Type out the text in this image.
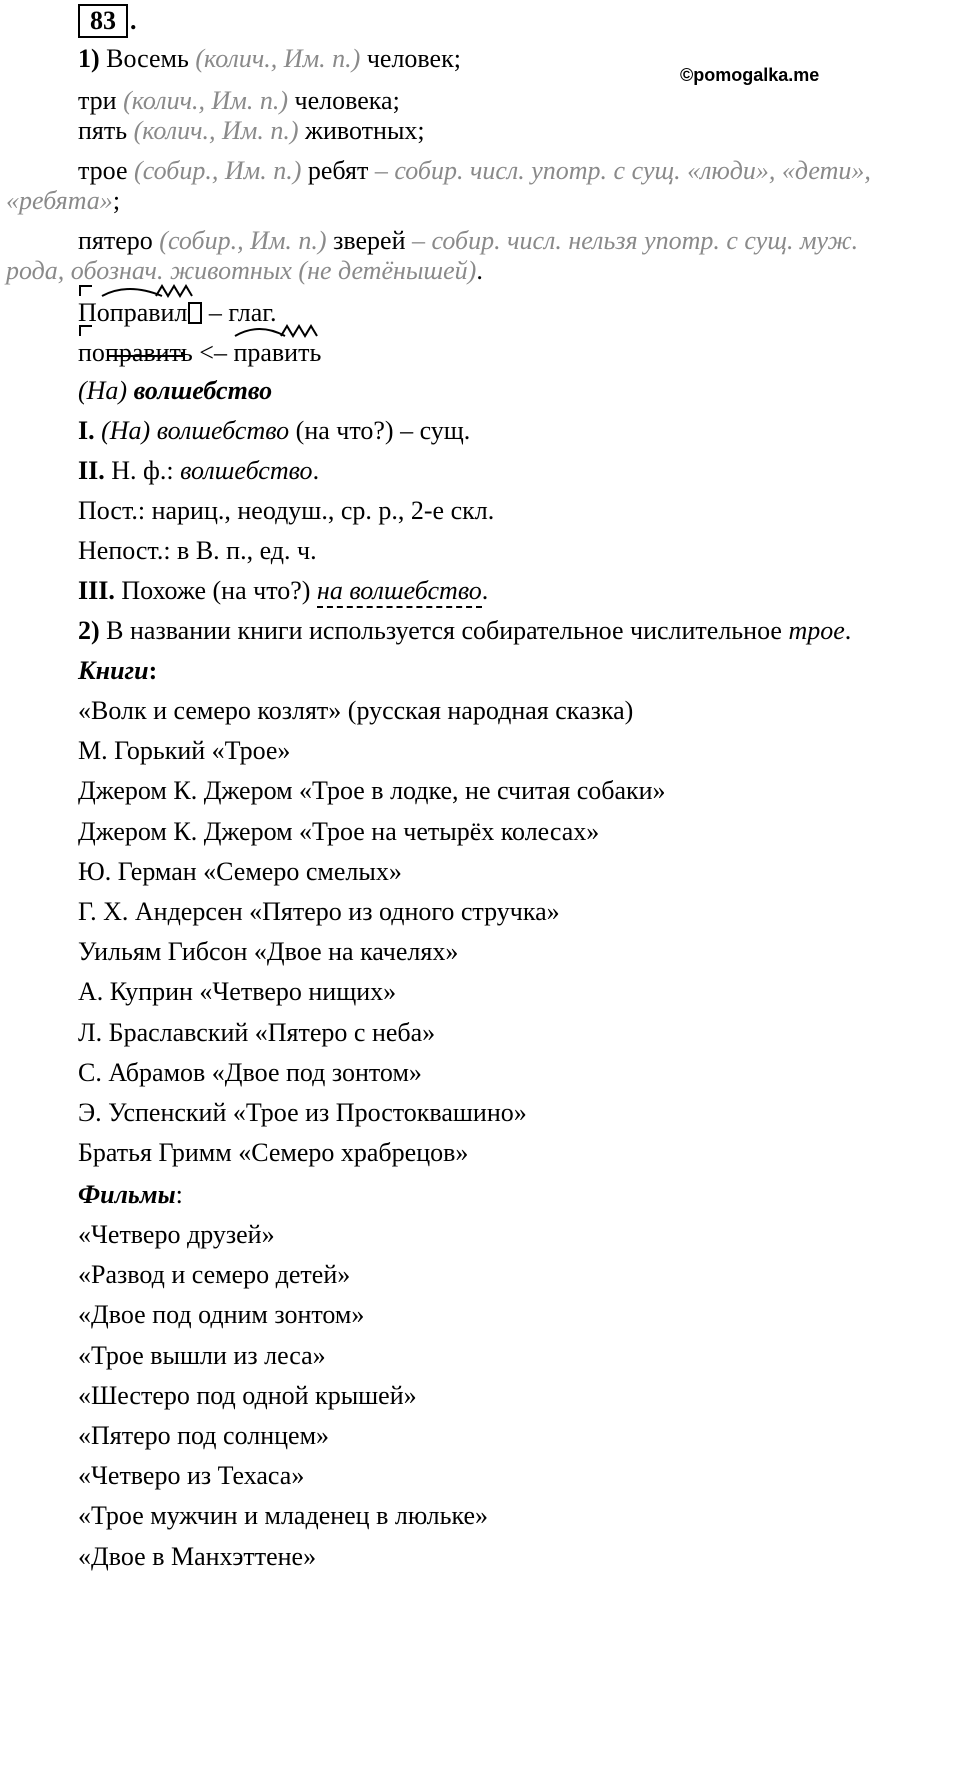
83 .
©pomogalka.me
1) Восемь (колич., Им. п.) человек;
три (колич., Им. п.) человека;
пять (колич., Им. п.) животных;
трое (собир., Им. п.) ребят – собир. числ. употр. с сущ. «люди», «дети»,
«ребята»;
пятеро (собир., Им. п.) зверей – собир. числ. нельзя употр. с сущ. муж.
рода, обознач. животных (не детёнышей).
Поправил – глаг.
поправить <– править
(На) волшебство
I. (На) волшебство (на что?) – сущ.
II. Н. ф.: волшебство.
Пост.: нариц., неодуш., ср. р., 2-е скл.
Непост.: в В. п., ед. ч.
III. Похоже (на что?) на волшебство.
2) В названии книги используется собирательное числительное трое.
Книги:
«Волк и семеро козлят» (русская народная сказка)
М. Горький «Трое»
Джером К. Джером «Трое в лодке, не считая собаки»
Джером К. Джером «Трое на четырёх колесах»
Ю. Герман «Семеро смелых»
Г. Х. Андерсен «Пятеро из одного стручка»
Уильям Гибсон «Двое на качелях»
А. Куприн «Четверо нищих»
Л. Браславский «Пятеро с неба»
С. Абрамов «Двое под зонтом»
Э. Успенский «Трое из Простоквашино»
Братья Гримм «Семеро храбрецов»
Фильмы:
«Четверо друзей»
«Развод и семеро детей»
«Двое под одним зонтом»
«Трое вышли из леса»
«Шестеро под одной крышей»
«Пятеро под солнцем»
«Четверо из Техаса»
«Трое мужчин и младенец в люльке»
«Двое в Манхэттене»
